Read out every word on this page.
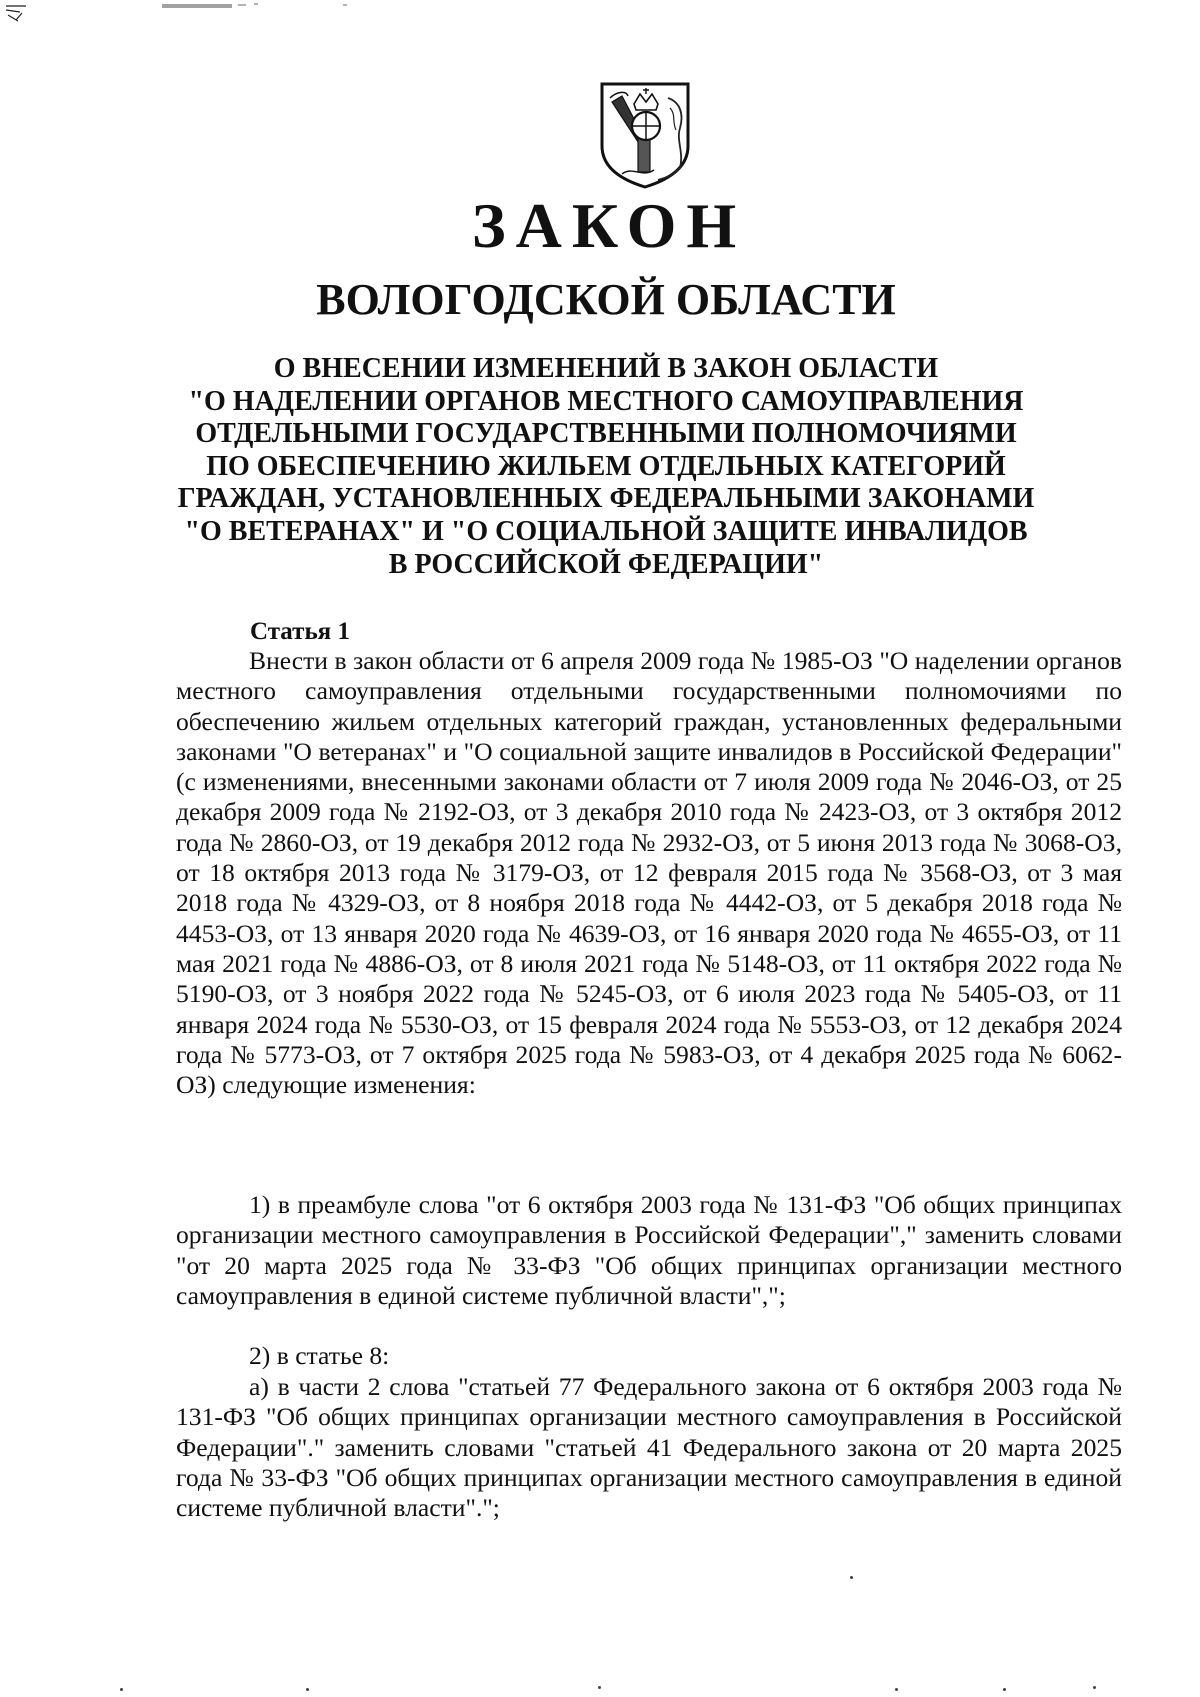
ЗАКОН
ВОЛОГОДСКОЙ ОБЛАСТИ
О ВНЕСЕНИИ ИЗМЕНЕНИЙ В ЗАКОН ОБЛАСТИ
"О НАДЕЛЕНИИ ОРГАНОВ МЕСТНОГО САМОУПРАВЛЕНИЯ
ОТДЕЛЬНЫМИ ГОСУДАРСТВЕННЫМИ ПОЛНОМОЧИЯМИ
ПО ОБЕСПЕЧЕНИЮ ЖИЛЬЕМ ОТДЕЛЬНЫХ КАТЕГОРИЙ
ГРАЖДАН, УСТАНОВЛЕННЫХ ФЕДЕРАЛЬНЫМИ ЗАКОНАМИ
"О ВЕТЕРАНАХ" И "О СОЦИАЛЬНОЙ ЗАЩИТЕ ИНВАЛИДОВ
В РОССИЙСКОЙ ФЕДЕРАЦИИ"
Статья 1

Внести в закон области от 6 апреля 2009 года № 1985-ОЗ "О наделении органов местного самоуправления отдельными государственными полномочиями по обеспечению жильем отдельных категорий граждан, установленных федеральными законами "О ветеранах" и "О социальной защите инвалидов в Российской Федерации" (с изменениями, внесенными законами области от 7 июля 2009 года № 2046-ОЗ, от 25 декабря 2009 года № 2192-ОЗ, от 3 декабря 2010 года № 2423-ОЗ, от 3 октября 2012 года № 2860-ОЗ, от 19 декабря 2012 года № 2932-ОЗ, от 5 июня 2013 года № 3068-ОЗ, от 18 октября 2013 года № 3179-ОЗ, от 12 февраля 2015 года № 3568-ОЗ, от 3 мая 2018 года № 4329-ОЗ, от 8 ноября 2018 года № 4442-ОЗ, от 5 декабря 2018 года № 4453-ОЗ, от 13 января 2020 года № 4639-ОЗ, от 16 января 2020 года № 4655-ОЗ, от 11 мая 2021 года № 4886-ОЗ, от 8 июля 2021 года № 5148-ОЗ, от 11 октября 2022 года № 5190-ОЗ, от 3 ноября 2022 года № 5245-ОЗ, от 6 июля 2023 года № 5405-ОЗ, от 11 января 2024 года № 5530-ОЗ, от 15 февраля 2024 года № 5553-ОЗ, от 12 декабря 2024 года № 5773-ОЗ, от 7 октября 2025 года № 5983-ОЗ, от 4 декабря 2025 года № 6062-ОЗ) следующие изменения:

1) в преамбуле слова "от 6 октября 2003 года № 131-ФЗ "Об общих принципах организации местного самоуправления в Российской Федерации"," заменить словами "от 20 марта 2025 года № 33-ФЗ "Об общих принципах организации местного самоуправления в единой системе публичной власти",";

2) в статье 8:

а) в части 2 слова "статьей 77 Федерального закона от 6 октября 2003 года № 131-ФЗ "Об общих принципах организации местного самоуправления в Российской Федерации"." заменить словами "статьей 41 Федерального закона от 20 марта 2025 года № 33-ФЗ "Об общих принципах организации местного самоуправления в единой системе публичной власти".";
